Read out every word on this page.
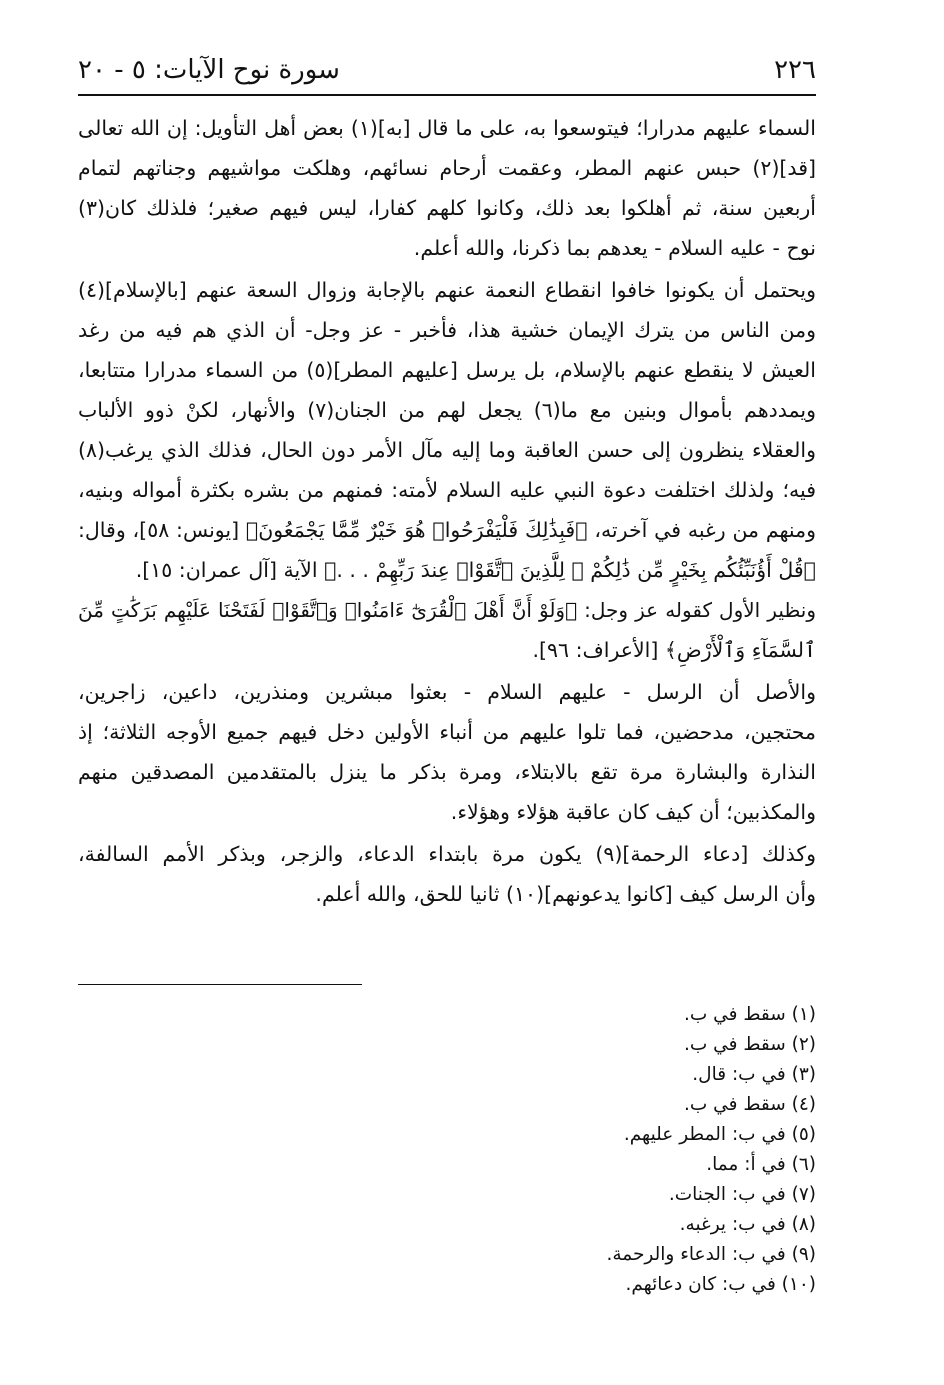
٢٢٦
سورة نوح الآيات: ٥ - ٢٠
السماء عليهم مدرارا؛ فيتوسعوا به، على ما قال [به](١) بعض أهل التأويل: إن الله تعالى
[قد](٢) حبس عنهم المطر، وعقمت أرحام نسائهم، وهلكت مواشيهم وجناتهم لتمام
أربعين سنة، ثم أهلكوا بعد ذلك، وكانوا كلهم كفارا، ليس فيهم صغير؛ فلذلك كان(٣)
نوح - عليه السلام - يعدهم بما ذكرنا، والله أعلم.
ويحتمل أن يكونوا خافوا انقطاع النعمة عنهم بالإجابة وزوال السعة عنهم [بالإسلام](٤)
ومن الناس من يترك الإيمان خشية هذا، فأخبر - عز وجل- أن الذي هم فيه من رغد
العيش لا ينقطع عنهم بالإسلام، بل يرسل [عليهم المطر](٥) من السماء مدرارا متتابعا،
ويمددهم بأموال وبنين مع ما(٦) يجعل لهم من الجنان(٧) والأنهار، لكنْ ذوو الألباب
والعقلاء ينظرون إلى حسن العاقبة وما إليه مآل الأمر دون الحال، فذلك الذي يرغب(٨)
فيه؛ ولذلك اختلفت دعوة النبي عليه السلام لأمته: فمنهم من بشره بكثرة أمواله وبنيه،
ومنهم من رغبه في آخرته، ﴿فَبِذَٰلِكَ فَلْيَفْرَحُوا۟ هُوَ خَيْرٌ مِّمَّا يَجْمَعُونَ﴾ [يونس: ٥٨]، وقال:
﴿قُلْ أَؤُنَبِّئُكُم بِخَيْرٍ مِّن ذَٰلِكُمْ ۚ لِلَّذِينَ ٱتَّقَوْا۟ عِندَ رَبِّهِمْ . . .﴾ الآية [آل عمران: ١٥].
ونظير الأول كقوله عز وجل: ﴿وَلَوْ أَنَّ أَهْلَ ٱلْقُرَىٰٓ ءَامَنُوا۟ وَٱتَّقَوْا۟ لَفَتَحْنَا عَلَيْهِم بَرَكَٰتٍ مِّنَ
ٱلسَّمَآءِ وَٱلْأَرْضِ﴾ [الأعراف: ٩٦].
والأصل أن الرسل - عليهم السلام - بعثوا مبشرين ومنذرين، داعين، زاجرين،
محتجين، مدحضين، فما تلوا عليهم من أنباء الأولين دخل فيهم جميع الأوجه الثلاثة؛ إذ
النذارة والبشارة مرة تقع بالابتلاء، ومرة بذكر ما ينزل بالمتقدمين المصدقين منهم
والمكذبين؛ أن كيف كان عاقبة هؤلاء وهؤلاء.
وكذلك [دعاء الرحمة](٩) يكون مرة بابتداء الدعاء، والزجر، وبذكر الأمم السالفة،
وأن الرسل كيف [كانوا يدعونهم](١٠) ثانيا للحق، والله أعلم.
(١) سقط في ب.
(٢) سقط في ب.
(٣) في ب: قال.
(٤) سقط في ب.
(٥) في ب: المطر عليهم.
(٦) في أ: مما.
(٧) في ب: الجنات.
(٨) في ب: يرغبه.
(٩) في ب: الدعاء والرحمة.
(١٠) في ب: كان دعائهم.
